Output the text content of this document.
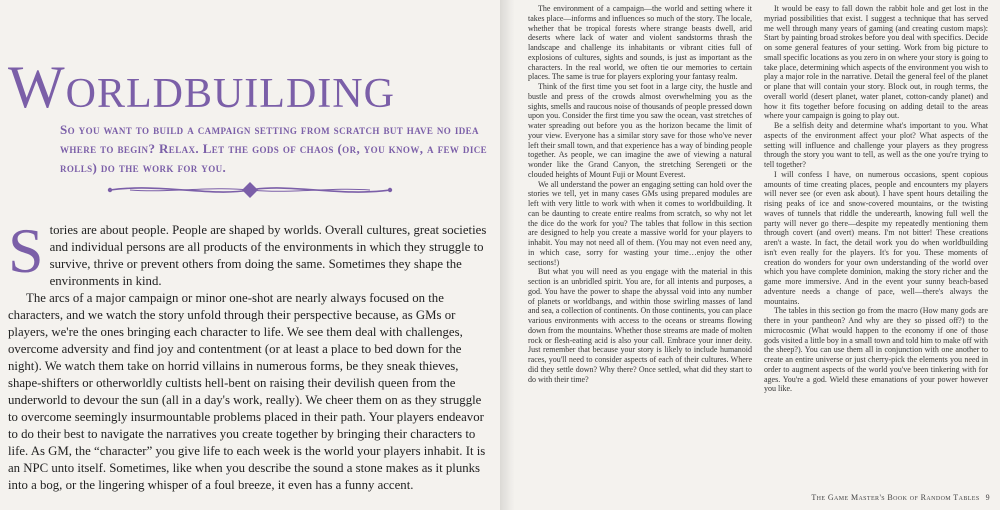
Worldbuilding

So you want to build a campaign setting from scratch but have no idea where to begin? Relax. Let the gods of chaos (or, you know, a few dice rolls) do the work for you.

Stories are about people. People are shaped by worlds. Overall cultures, great societies and individual persons are all products of the environments in which they struggle to survive, thrive or prevent others from doing the same. Sometimes they shape the environments in kind.

The arcs of a major campaign or minor one-shot are nearly always focused on the characters, and we watch the story unfold through their perspective because, as GMs or players, we're the ones bringing each character to life. We see them deal with challenges, overcome adversity and find joy and contentment (or at least a place to bed down for the night). We watch them take on horrid villains in numerous forms, be they sneak thieves, shape-shifters or otherworldly cultists hell-bent on raising their devilish queen from the underworld to devour the sun (all in a day's work, really). We cheer them on as they struggle to overcome seemingly insurmountable problems placed in their path. Your players endeavor to do their best to navigate the narratives you create together by bringing their characters to life. As GM, the “character” you give life to each week is the world your players inhabit. It is an NPC unto itself. Sometimes, like when you describe the sound a stone makes as it plunks into a bog, or the lingering whisper of a foul breeze, it even has a funny accent.

The environment of a campaign—the world and setting where it takes place—informs and influences so much of the story. The locale, whether that be tropical forests where strange beasts dwell, arid deserts where lack of water and violent sandstorms thrash the landscape and challenge its inhabitants or vibrant cities full of explosions of cultures, sights and sounds, is just as important as the characters. In the real world, we often tie our memories to certain places. The same is true for players exploring your fantasy realm.

Think of the first time you set foot in a large city, the hustle and bustle and press of the crowds almost overwhelming you as the sights, smells and raucous noise of thousands of people pressed down upon you. Consider the first time you saw the ocean, vast stretches of water spreading out before you as the horizon became the limit of your view. Everyone has a similar story save for those who've never left their small town, and that experience has a way of binding people together. As people, we can imagine the awe of viewing a natural wonder like the Grand Canyon, the stretching Serengeti or the clouded heights of Mount Fuji or Mount Everest.

We all understand the power an engaging setting can hold over the stories we tell, yet in many cases GMs using prepared modules are left with very little to work with when it comes to worldbuilding. It can be daunting to create entire realms from scratch, so why not let the dice do the work for you? The tables that follow in this section are designed to help you create a massive world for your players to inhabit. You may not need all of them. (You may not even need any, in which case, sorry for wasting your time…enjoy the other sections!)

But what you will need as you engage with the material in this section is an unbridled spirit. You are, for all intents and purposes, a god. You have the power to shape the abyssal void into any number of planets or worldbangs, and within those swirling masses of land and sea, a collection of continents. On those continents, you can place various environments with access to the oceans or streams flowing down from the mountains. Whether those streams are made of molten rock or flesh-eating acid is also your call. Embrace your inner deity. Just remember that because your story is likely to include humanoid races, you'll need to consider aspects of each of their cultures. Where did they settle down? Why there? Once settled, what did they start to do with their time?

It would be easy to fall down the rabbit hole and get lost in the myriad possibilities that exist. I suggest a technique that has served me well through many years of gaming (and creating custom maps): Start by painting broad strokes before you deal with specifics. Decide on some general features of your setting. Work from big picture to small specific locations as you zero in on where your story is going to take place, determining which aspects of the environment you wish to play a major role in the narrative. Detail the general feel of the planet or plane that will contain your story. Block out, in rough terms, the overall world (desert planet, water planet, cotton-candy planet) and how it fits together before focusing on adding detail to the areas where your campaign is going to play out.

Be a selfish deity and determine what's important to you. What aspects of the environment affect your plot? What aspects of the setting will influence and challenge your players as they progress through the story you want to tell, as well as the one you're trying to tell together?

I will confess I have, on numerous occasions, spent copious amounts of time creating places, people and encounters my players will never see (or even ask about). I have spent hours detailing the rising peaks of ice and snow-covered mountains, or the twisting waves of tunnels that riddle the underearth, knowing full well the party will never go there—despite my repeatedly mentioning them through covert (and overt) means. I'm not bitter! These creations aren't a waste. In fact, the detail work you do when worldbuilding isn't even really for the players. It's for you. These moments of creation do wonders for your own understanding of the world over which you have complete dominion, making the story richer and the game more immersive. And in the event your sunny beach-based adventure needs a change of pace, well—there's always the mountains.

The tables in this section go from the macro (How many gods are there in your pantheon? And why are they so pissed off?) to the microcosmic (What would happen to the economy if one of those gods visited a little boy in a small town and told him to make off with the sheep?). You can use them all in conjunction with one another to create an entire universe or just cherry-pick the elements you need in order to augment aspects of the world you've been tinkering with for ages. You're a god. Wield these emanations of your power however you like.

The Game Master's Book of Random Tables 9
